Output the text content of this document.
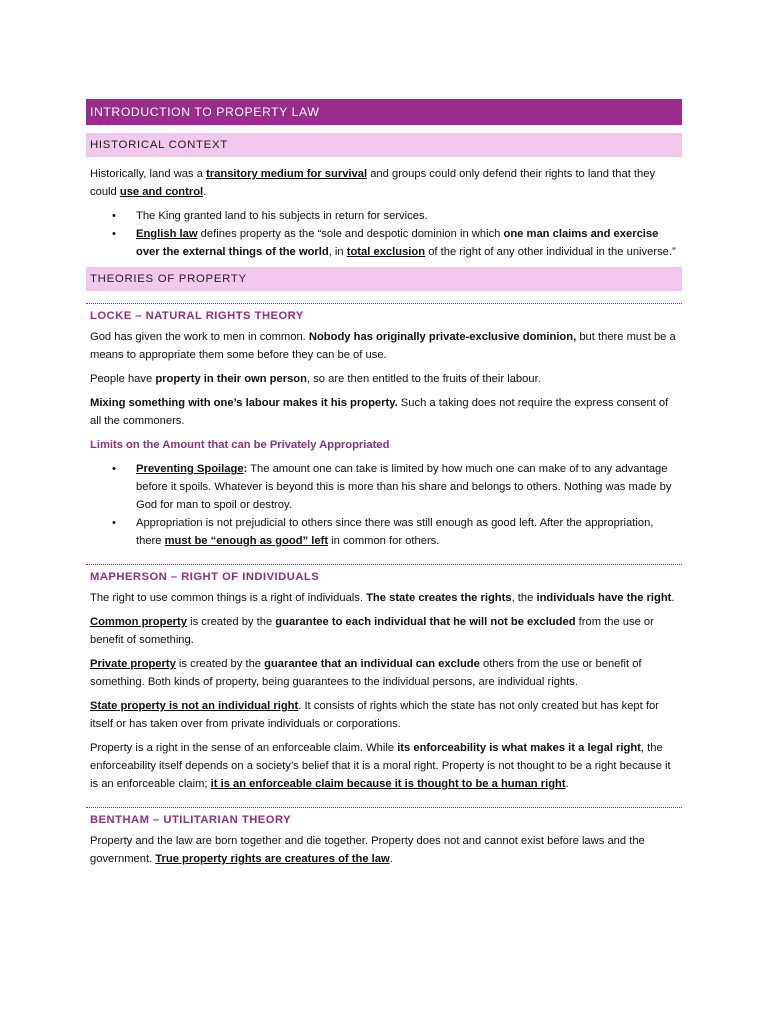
INTRODUCTION TO PROPERTY LAW
HISTORICAL CONTEXT

Historically, land was a transitory medium for survival and groups could only defend their rights to land that they could use and control.

• The King granted land to his subjects in return for services.
• English law defines property as the “sole and despotic dominion in which one man claims and exercise over the external things of the world, in total exclusion of the right of any other individual in the universe.”
THEORIES OF PROPERTY
LOCKE – NATURAL RIGHTS THEORY

God has given the work to men in common. Nobody has originally private-exclusive dominion, but there must be a means to appropriate them some before they can be of use.

People have property in their own person, so are then entitled to the fruits of their labour.

Mixing something with one’s labour makes it his property. Such a taking does not require the express consent of all the commoners.

Limits on the Amount that can be Privately Appropriated
• Preventing Spoilage: The amount one can take is limited by how much one can make of to any advantage before it spoils. Whatever is beyond this is more than his share and belongs to others. Nothing was made by God for man to spoil or destroy.
• Appropriation is not prejudicial to others since there was still enough as good left. After the appropriation, there must be “enough as good” left in common for others.
MAPHERSON – RIGHT OF INDIVIDUALS

The right to use common things is a right of individuals. The state creates the rights, the individuals have the right.

Common property is created by the guarantee to each individual that he will not be excluded from the use or benefit of something.

Private property is created by the guarantee that an individual can exclude others from the use or benefit of something. Both kinds of property, being guarantees to the individual persons, are individual rights.

State property is not an individual right. It consists of rights which the state has not only created but has kept for itself or has taken over from private individuals or corporations.

Property is a right in the sense of an enforceable claim. While its enforceability is what makes it a legal right, the enforceability itself depends on a society’s belief that it is a moral right. Property is not thought to be a right because it is an enforceable claim; it is an enforceable claim because it is thought to be a human right.

BENTHAM – UTILITARIAN THEORY

Property and the law are born together and die together. Property does not and cannot exist before laws and the government. True property rights are creatures of the law.
